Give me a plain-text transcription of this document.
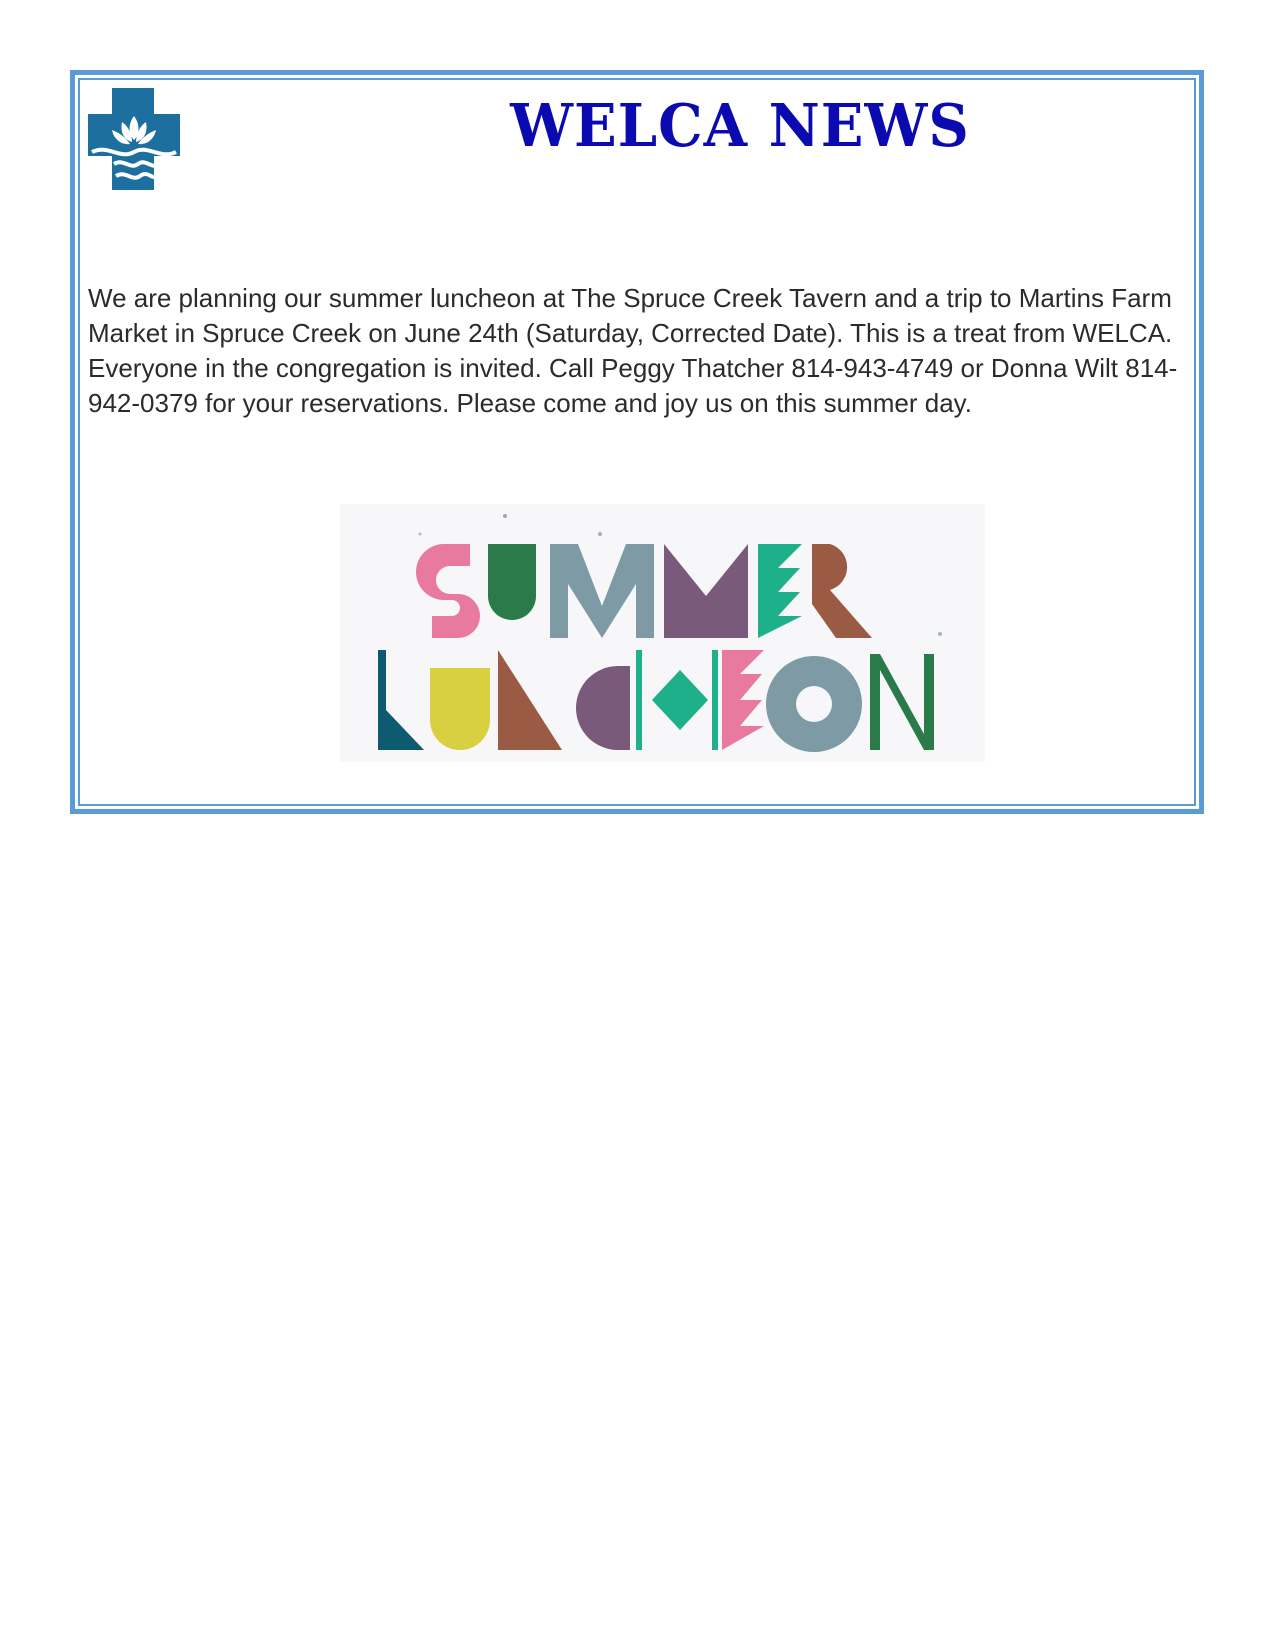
WELCA NEWS

We are planning our summer luncheon at The Spruce Creek Tavern and a trip to Martins Farm Market in Spruce Creek on June 24th (Saturday, Corrected Date). This is a treat from WELCA. Everyone in the congregation is invited. Call Peggy Thatcher 814-943-4749 or Donna Wilt 814-942-0379 for your reservations. Please come and joy us on this summer day.
